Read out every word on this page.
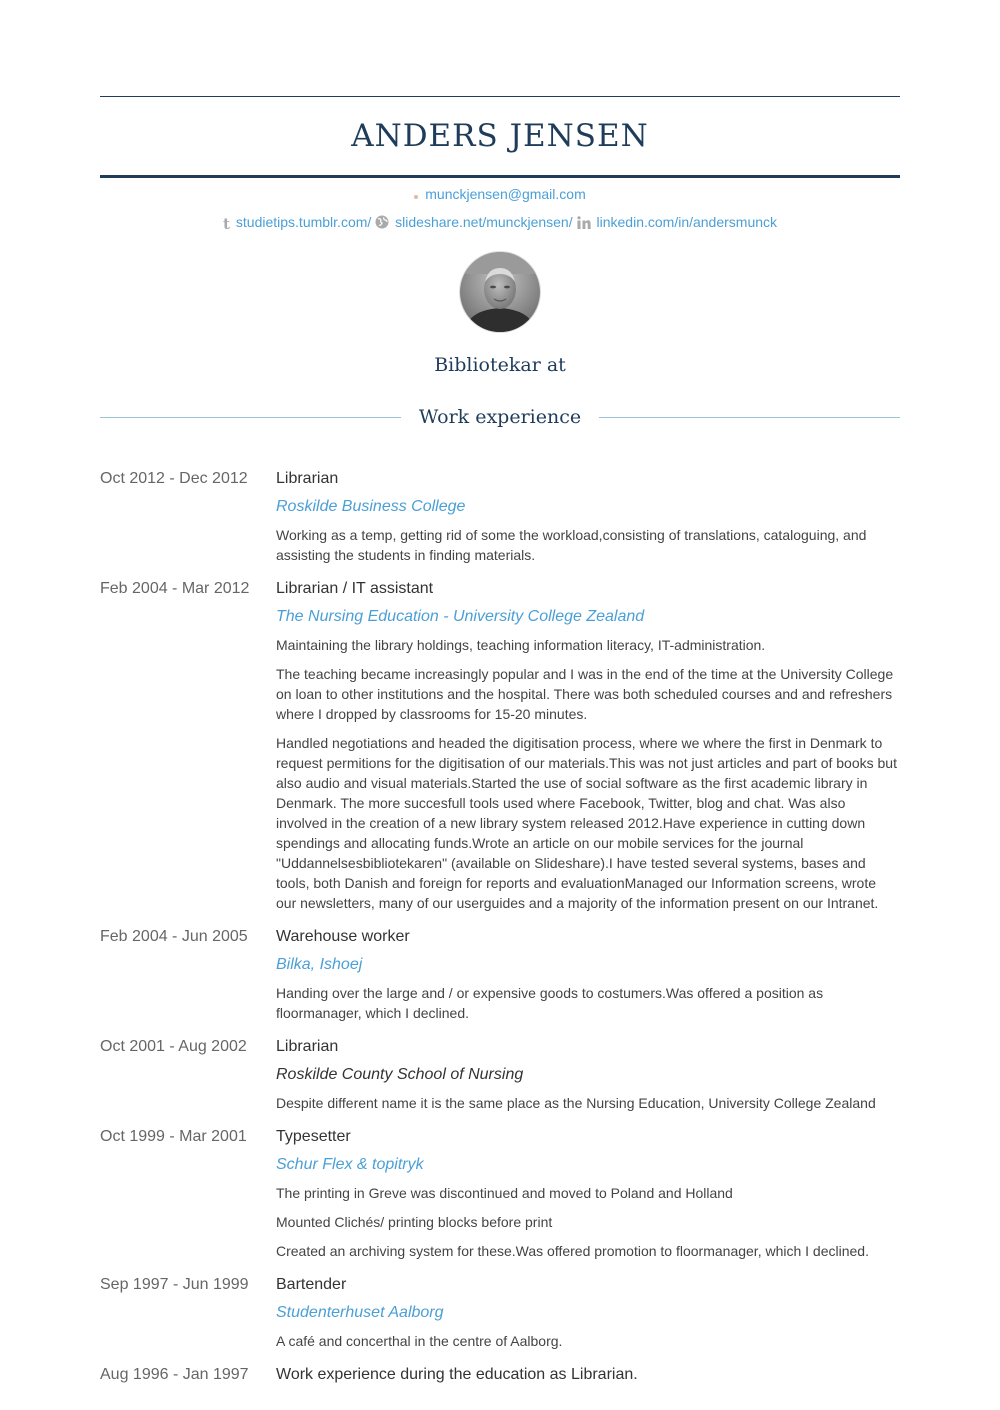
ANDERS JENSEN
munckjensen@gmail.com
t studietips.tumblr.com/ slideshare.net/munckjensen/ linkedin.com/in/andersmunck
Bibliotekar at
Work experience
Oct 2012 - Dec 2012	Librarian
Roskilde Business College

Working as a temp, getting rid of some the workload,consisting of translations, cataloguing, and assisting the students in finding materials.

Feb 2004 - Mar 2012	Librarian / IT assistant
The Nursing Education - University College Zealand

Maintaining the library holdings, teaching information literacy, IT-administration.

The teaching became increasingly popular and I was in the end of the time at the University College on loan to other institutions and the hospital. There was both scheduled courses and and refreshers where I dropped by classrooms for 15-20 minutes.

Handled negotiations and headed the digitisation process, where we where the first in Denmark to request permitions for the digitisation of our materials.This was not just articles and part of books but also audio and visual materials.Started the use of social software as the first academic library in Denmark. The more succesfull tools used where Facebook, Twitter, blog and chat. Was also involved in the creation of a new library system released 2012.Have experience in cutting down spendings and allocating funds.Wrote an article on our mobile services for the journal "Uddannelsesbibliotekaren" (available on Slideshare).I have tested several systems, bases and tools, both Danish and foreign for reports and evaluationManaged our Information screens, wrote our newsletters, many of our userguides and a majority of the information present on our Intranet.

Feb 2004 - Jun 2005	Warehouse worker
Bilka, Ishoej

Handing over the large and / or expensive goods to costumers.Was offered a position as floormanager, which I declined.

Oct 2001 - Aug 2002	Librarian
Roskilde County School of Nursing

Despite different name it is the same place as the Nursing Education, University College Zealand

Oct 1999 - Mar 2001	Typesetter
Schur Flex & topitryk

The printing in Greve was discontinued and moved to Poland and Holland

Mounted Clichés/ printing blocks before print

Created an archiving system for these.Was offered promotion to floormanager, which I declined.

Sep 1997 - Jun 1999	Bartender
Studenterhuset Aalborg

A café and concerthal in the centre of Aalborg.

Aug 1996 - Jan 1997	Work experience during the education as Librarian.
